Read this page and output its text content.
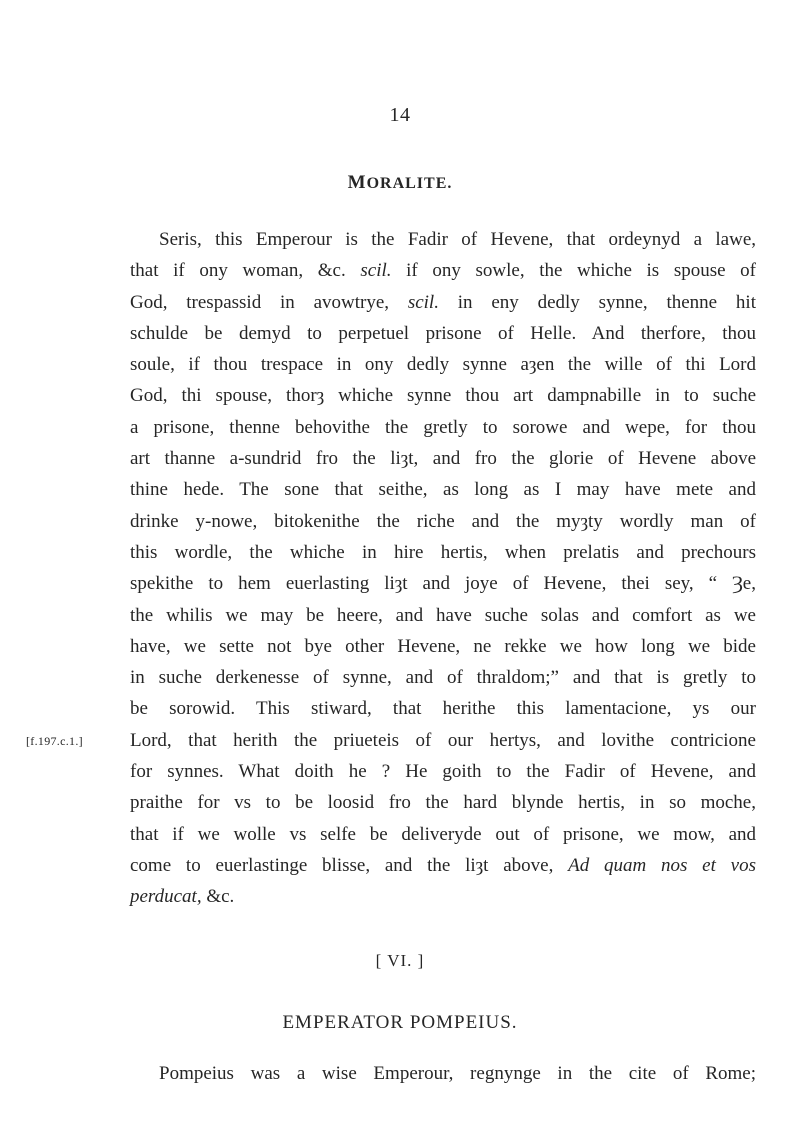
14
MORALITE.
Seris, this Emperour is the Fadir of Hevene, that ordeynyd a lawe,
that if ony woman, &c. scil. if ony sowle, the whiche is spouse of
God, trespassid in avowtrye, scil. in eny dedly synne, thenne hit
schulde be demyd to perpetuel prisone of Helle. And therfore, thou
soule, if thou trespace in ony dedly synne aȝen the wille of thi Lord
God, thi spouse, thorȝ whiche synne thou art dampnabille in to suche
a prisone, thenne behovithe the gretly to sorowe and wepe, for thou
art thanne a-sundrid fro the liȝt, and fro the glorie of Hevene above
thine hede. The sone that seithe, as long as I may have mete and
drinke y-nowe, bitokenithe the riche and the myȝty wordly man of
this wordle, the whiche in hire hertis, when prelatis and prechours
spekithe to hem euerlasting liȝt and joye of Hevene, thei sey, “ Ȝe,
the whilis we may be heere, and have suche solas and comfort as we
have, we sette not bye other Hevene, ne rekke we how long we bide
in suche derkenesse of synne, and of thraldom;” and that is gretly to
be sorowid. This stiward, that herithe this lamentacione, ys our
Lord, that herith the priueteis of our hertys, and lovithe contricione
for synnes. What doith he ? He goith to the Fadir of Hevene, and
praithe for vs to be loosid fro the hard blynde hertis, in so moche,
that if we wolle vs selfe be deliveryde out of prisone, we mow, and
come to euerlastinge blisse, and the liȝt above, Ad quam nos et vos
perducat, &c.
[f.197.c.1.]
[ VI. ]
EMPERATOR POMPEIUS.
Pompeius was a wise Emperour, regnynge in the cite of Rome;
